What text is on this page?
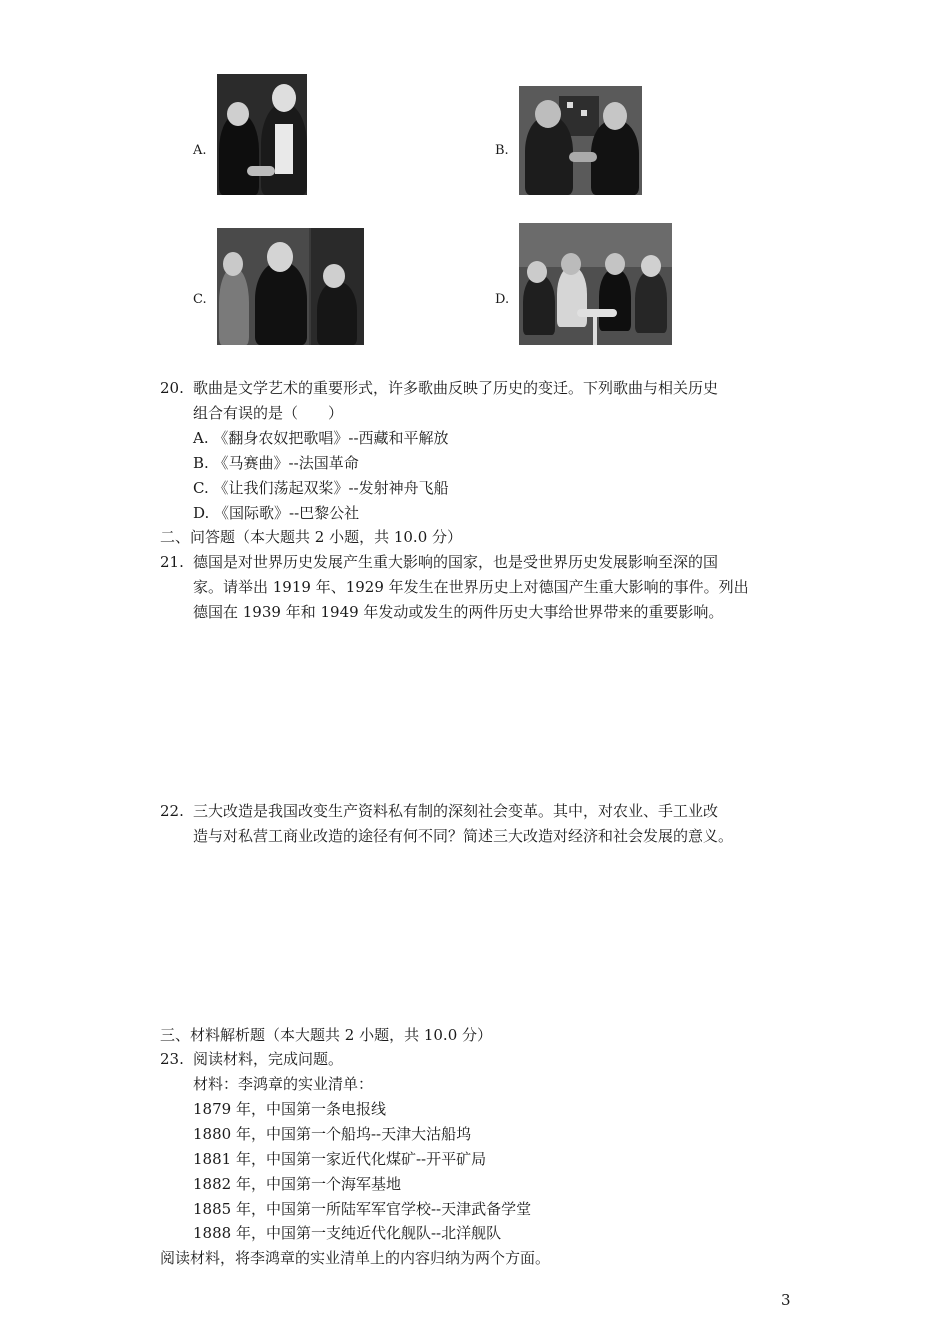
A.	B.
C.	D.
20. 歌曲是文学艺术的重要形式，许多歌曲反映了历史的变迁。下列歌曲与相关历史
组合有误的是（　　）
A. 《翻身农奴把歌唱》--西藏和平解放
B. 《马赛曲》--法国革命
C. 《让我们荡起双桨》--发射神舟飞船
D. 《国际歌》--巴黎公社
二、问答题（本大题共 2 小题，共 10.0 分）
21. 德国是对世界历史发展产生重大影响的国家，也是受世界历史发展影响至深的国
家。请举出 1919 年、1929 年发生在世界历史上对德国产生重大影响的事件。列出
德国在 1939 年和 1949 年发动或发生的两件历史大事给世界带来的重要影响。
22. 三大改造是我国改变生产资料私有制的深刻社会变革。其中，对农业、手工业改
造与对私营工商业改造的途径有何不同？简述三大改造对经济和社会发展的意义。
三、材料解析题（本大题共 2 小题，共 10.0 分）
23. 阅读材料，完成问题。
材料：李鸿章的实业清单：
1879 年，中国第一条电报线
1880 年，中国第一个船坞--天津大沽船坞
1881 年，中国第一家近代化煤矿--开平矿局
1882 年，中国第一个海军基地
1885 年，中国第一所陆军军官学校--天津武备学堂
1888 年，中国第一支纯近代化舰队--北洋舰队
阅读材料，将李鸿章的实业清单上的内容归纳为两个方面。
3
